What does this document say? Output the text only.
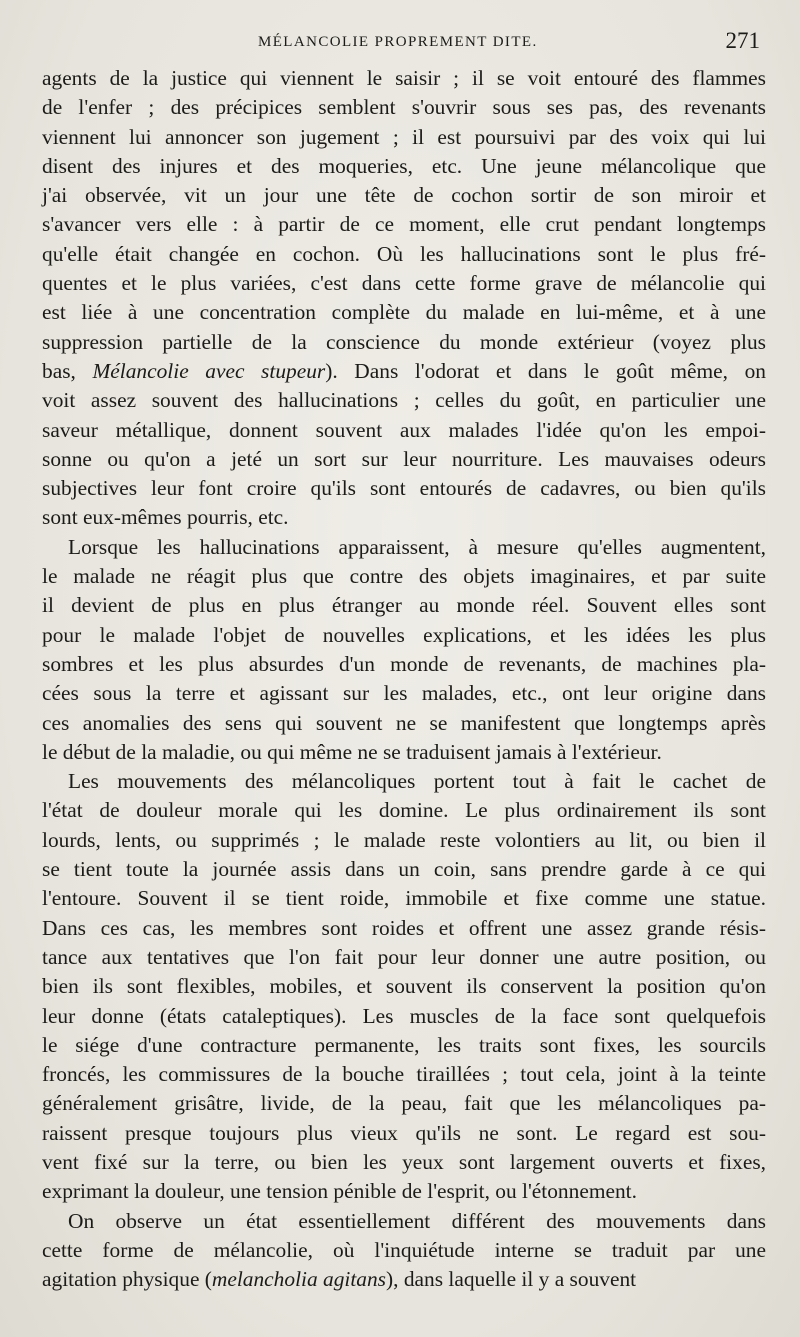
MÉLANCOLIE PROPREMENT DITE.	271
agents de la justice qui viennent le saisir ; il se voit entouré des flammes
de l'enfer ; des précipices semblent s'ouvrir sous ses pas, des revenants
viennent lui annoncer son jugement ; il est poursuivi par des voix qui lui
disent des injures et des moqueries, etc. Une jeune mélancolique que
j'ai observée, vit un jour une tête de cochon sortir de son miroir et
s'avancer vers elle : à partir de ce moment, elle crut pendant longtemps
qu'elle était changée en cochon. Où les hallucinations sont le plus fré-
quentes et le plus variées, c'est dans cette forme grave de mélancolie qui
est liée à une concentration complète du malade en lui-même, et à une
suppression partielle de la conscience du monde extérieur (voyez plus
bas, Mélancolie avec stupeur). Dans l'odorat et dans le goût même, on
voit assez souvent des hallucinations ; celles du goût, en particulier une
saveur métallique, donnent souvent aux malades l'idée qu'on les empoi-
sonne ou qu'on a jeté un sort sur leur nourriture. Les mauvaises odeurs
subjectives leur font croire qu'ils sont entourés de cadavres, ou bien qu'ils
sont eux-mêmes pourris, etc.
Lorsque les hallucinations apparaissent, à mesure qu'elles augmentent,
le malade ne réagit plus que contre des objets imaginaires, et par suite
il devient de plus en plus étranger au monde réel. Souvent elles sont
pour le malade l'objet de nouvelles explications, et les idées les plus
sombres et les plus absurdes d'un monde de revenants, de machines pla-
cées sous la terre et agissant sur les malades, etc., ont leur origine dans
ces anomalies des sens qui souvent ne se manifestent que longtemps après
le début de la maladie, ou qui même ne se traduisent jamais à l'extérieur.
Les mouvements des mélancoliques portent tout à fait le cachet de
l'état de douleur morale qui les domine. Le plus ordinairement ils sont
lourds, lents, ou supprimés ; le malade reste volontiers au lit, ou bien il
se tient toute la journée assis dans un coin, sans prendre garde à ce qui
l'entoure. Souvent il se tient roide, immobile et fixe comme une statue.
Dans ces cas, les membres sont roides et offrent une assez grande résis-
tance aux tentatives que l'on fait pour leur donner une autre position, ou
bien ils sont flexibles, mobiles, et souvent ils conservent la position qu'on
leur donne (états cataleptiques). Les muscles de la face sont quelquefois
le siége d'une contracture permanente, les traits sont fixes, les sourcils
froncés, les commissures de la bouche tiraillées ; tout cela, joint à la teinte
généralement grisâtre, livide, de la peau, fait que les mélancoliques pa-
raissent presque toujours plus vieux qu'ils ne sont. Le regard est sou-
vent fixé sur la terre, ou bien les yeux sont largement ouverts et fixes,
exprimant la douleur, une tension pénible de l'esprit, ou l'étonnement.
On observe un état essentiellement différent des mouvements dans
cette forme de mélancolie, où l'inquiétude interne se traduit par une
agitation physique (melancholia agitans), dans laquelle il y a souvent
